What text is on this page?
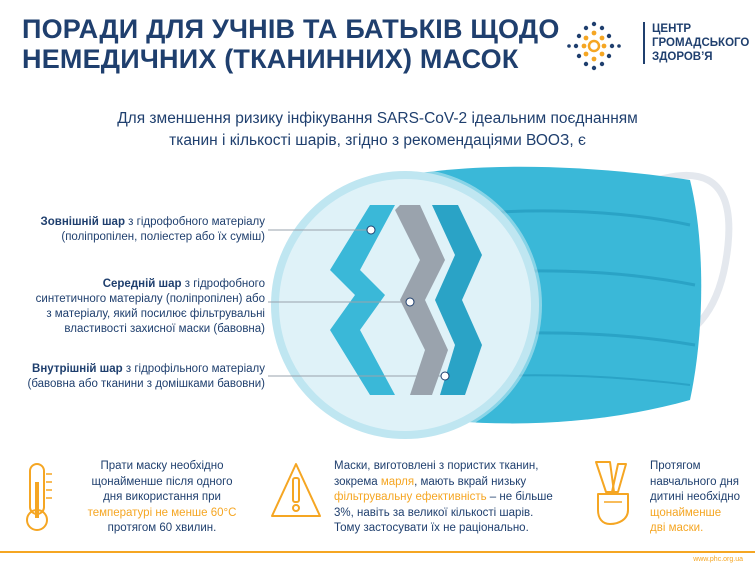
ПОРАДИ ДЛЯ УЧНІВ ТА БАТЬКІВ ЩОДО
НЕМЕДИЧНИХ (ТКАНИННИХ) МАСОК
ЦЕНТР
ГРОМАДСЬКОГО
ЗДОРОВ’Я
Для зменшення ризику інфікування SARS-CoV-2 ідеальним поєднанням
тканин і кількості шарів, згідно з рекомендаціями ВООЗ, є
Зовнішній шар з гідрофобного матеріалу
(поліпропілен, поліестер або їх суміш)
Середній шар з гідрофобного
синтетичного матеріалу (поліпропілен) або
з матеріалу, який посилює фільтрувальні
властивості захисної маски (бавовна)
Внутрішній шар з гідрофільного матеріалу
(бавовна або тканини з домішками бавовни)
Прати маску необхідно
щонайменше після одного
дня використання при
температурі не менше 60°C
протягом 60 хвилин.
Маски, виготовлені з пористих тканин,
зокрема марля, мають вкрай низьку
фільтрувальну ефективність – не більше
3%, навіть за великої кількості шарів.
Тому застосувати їх не раціонально.
Протягом
навчального дня
дитині необхідно
щонайменше
дві маски.
www.phc.org.ua
